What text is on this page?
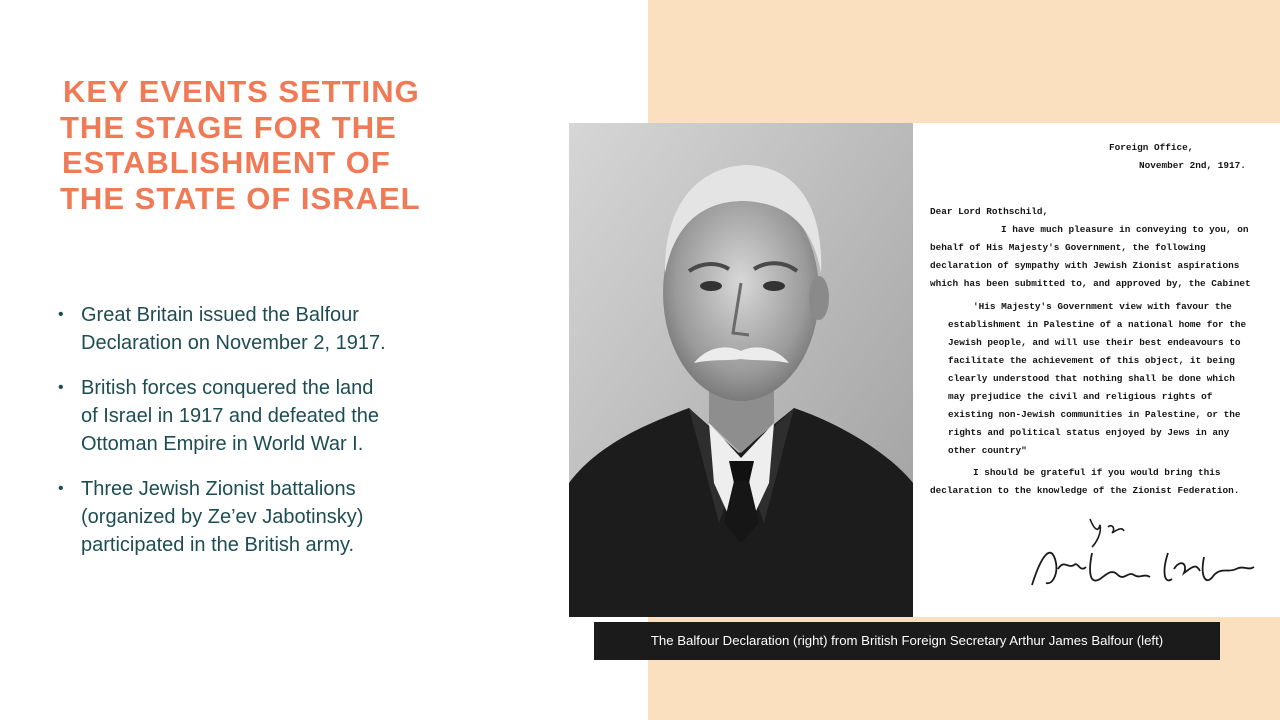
KEY EVENTS SETTING
THE STAGE FOR THE
ESTABLISHMENT OF
THE STATE OF ISRAEL
• Great Britain issued the Balfour
Declaration on November 2, 1917.
• British forces conquered the land
of Israel in 1917 and defeated the
Ottoman Empire in World War I.
• Three Jewish Zionist battalions
(organized by Ze’ev Jabotinsky)
participated in the British army.
Foreign Office,
November 2nd, 1917.
Dear Lord Rothschild,
I have much pleasure in conveying to you, on
behalf of His Majesty's Government, the following
declaration of sympathy with Jewish Zionist aspirations
which has been submitted to, and approved by, the Cabinet
'His Majesty's Government view with favour the
establishment in Palestine of a national home for the
Jewish people, and will use their best endeavours to
facilitate the achievement of this object, it being
clearly understood that nothing shall be done which
may prejudice the civil and religious rights of
existing non-Jewish communities in Palestine, or the
rights and political status enjoyed by Jews in any
other country"
I should be grateful if you would bring this
declaration to the knowledge of the Zionist Federation.
The Balfour Declaration (right) from British Foreign Secretary Arthur James Balfour (left)
